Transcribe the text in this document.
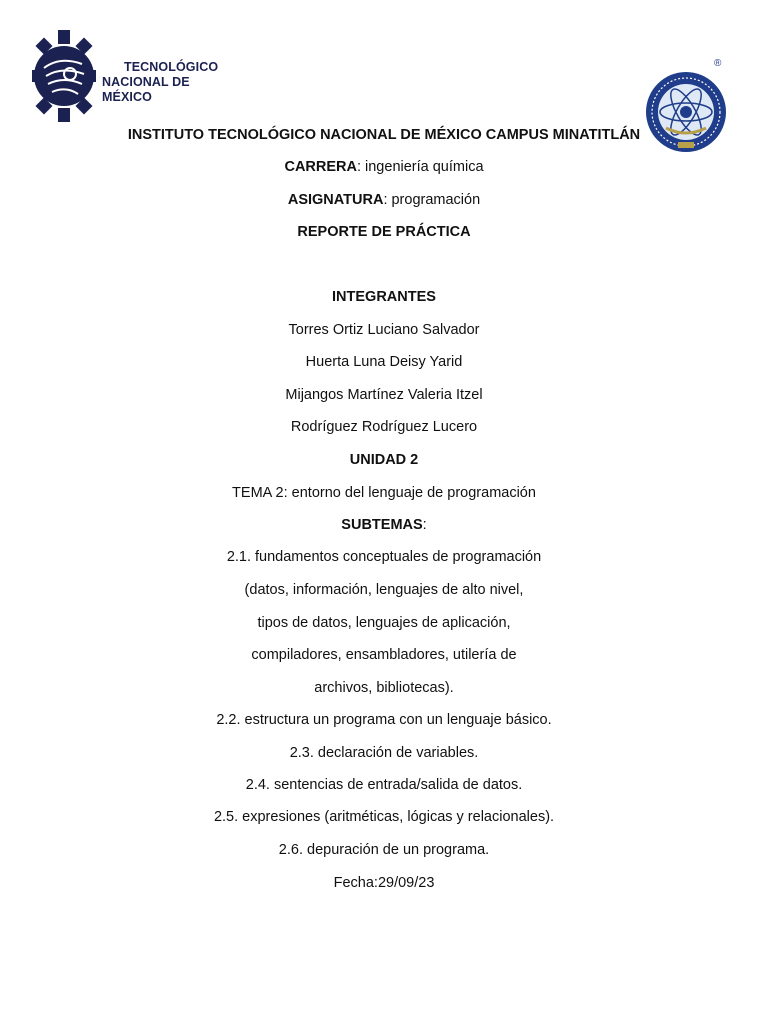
TECNOLÓGICO
NACIONAL DE MÉXICO
®
INSTITUTO TECNOLÓGICO NACIONAL DE MÉXICO CAMPUS MINATITLÁN
CARRERA: ingeniería química
ASIGNATURA: programación
REPORTE DE PRÁCTICA
INTEGRANTES
Torres Ortiz Luciano Salvador
Huerta Luna Deisy Yarid
Mijangos Martínez Valeria Itzel
Rodríguez Rodríguez Lucero
UNIDAD 2
TEMA 2: entorno del lenguaje de programación
SUBTEMAS:
2.1. fundamentos conceptuales de programación
(datos, información, lenguajes de alto nivel,
tipos de datos, lenguajes de aplicación,
compiladores, ensambladores, utilería de
archivos, bibliotecas).
2.2. estructura un programa con un lenguaje básico.
2.3. declaración de variables.
2.4. sentencias de entrada/salida de datos.
2.5. expresiones (aritméticas, lógicas y relacionales).
2.6. depuración de un programa.
Fecha:29/09/23
